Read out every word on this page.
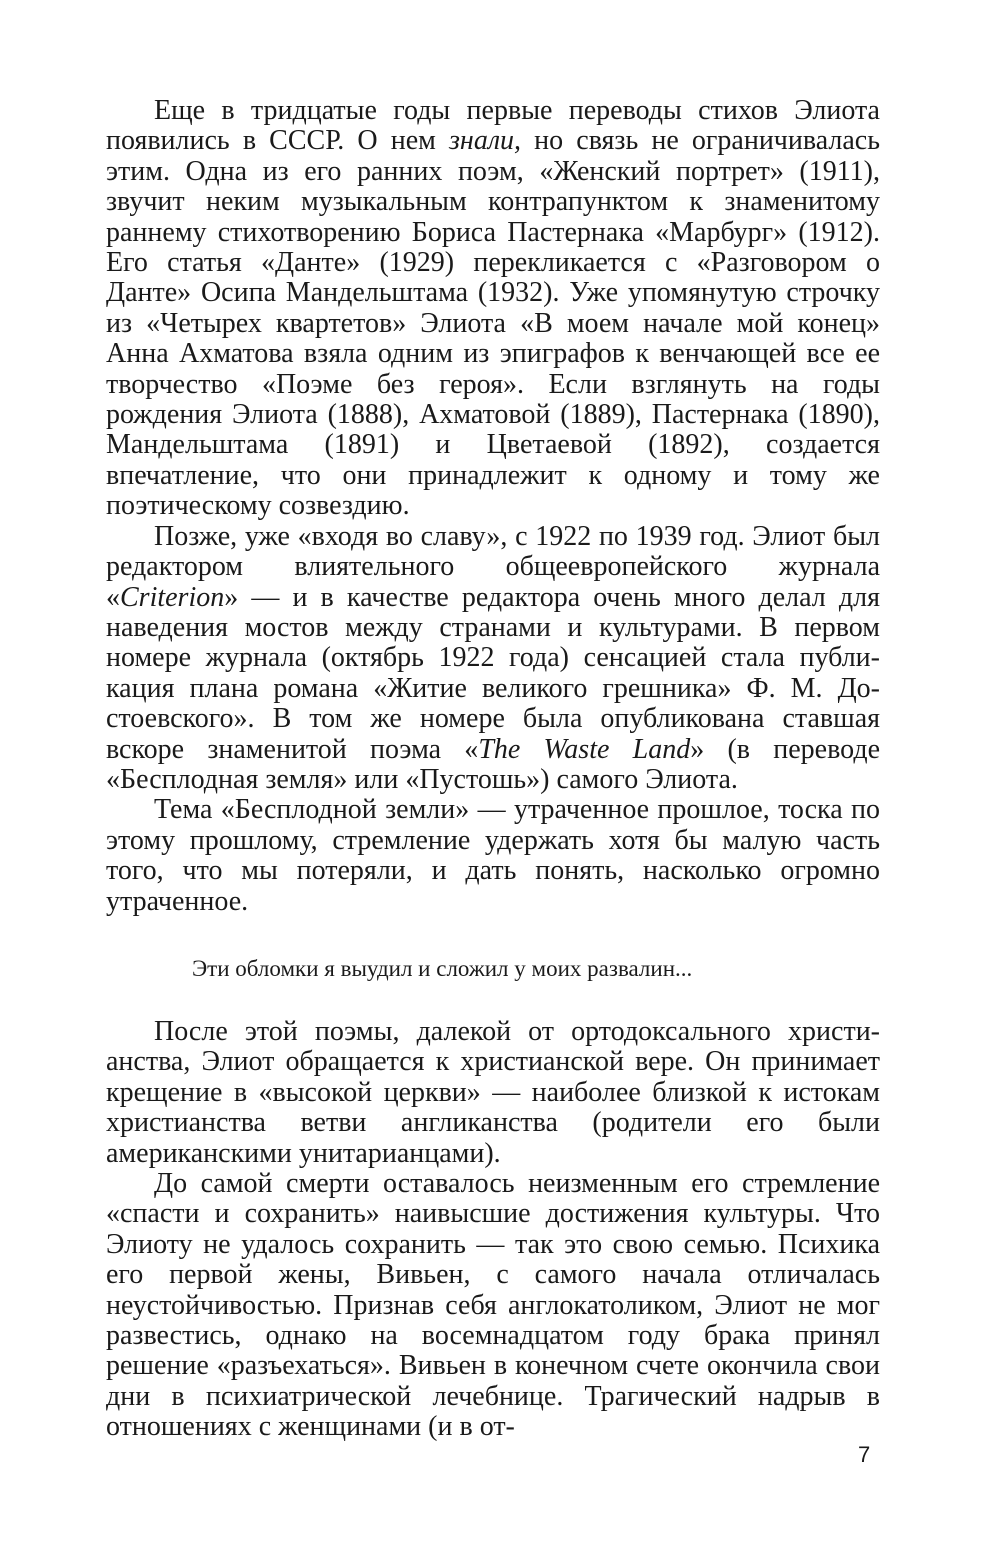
Еще в тридцатые годы первые переводы стихов Элиота появились в СССР. О нем знали, но связь не ограничивалась этим. Одна из его ранних поэм, «Женский портрет» (1911), звучит неким музыкальным контрапунктом к знаменитому раннему стихотворению Бориса Пастернака «Марбург» (1912). Его статья «Данте» (1929) перекликается с «Разговором о Данте» Осипа Мандельштама (1932). Уже упомянутую строчку из «Четырех квартетов» Элиота «В моем начале мой конец» Анна Ахматова взяла одним из эпиграфов к венчающей все ее творчество «Поэме без героя». Если взглянуть на годы рождения Элиота (1888), Ахматовой (1889), Пастернака (1890), Мандельштама (1891) и Цветаевой (1892), создается впечатление, что они принадлежит к одному и тому же поэтическому созвездию.

Позже, уже «входя во славу», с 1922 по 1939 год. Элиот был редактором влиятельного общеевропейского журнала «Criterion» — и в качестве редактора очень много делал для наведения мостов между странами и культурами. В первом номере журнала (октябрь 1922 года) сенсацией стала публикация плана романа «Житие великого грешника» Ф. М. Достоевского». В том же номере была опубликована ставшая вскоре знаменитой поэма «The Waste Land» (в переводе «Бесплодная земля» или «Пустошь») самого Элиота.

Тема «Бесплодной земли» — утраченное прошлое, тоска по этому прошлому, стремление удержать хотя бы малую часть того, что мы потеряли, и дать понять, насколько огромно утраченное.

Эти обломки я выудил и сложил у моих развалин...

После этой поэмы, далекой от ортодоксального христианства, Элиот обращается к христианской вере. Он принимает крещение в «высокой церкви» — наиболее близкой к истокам христианства ветви англиканства (родители его были американскими унитарианцами).

До самой смерти оставалось неизменным его стремление «спасти и сохранить» наивысшие достижения культуры. Что Элиоту не удалось сохранить — так это свою семью. Психика его первой жены, Вивьен, с самого начала отличалась неустойчивостью. Признав себя англокатоликом, Элиот не мог развестись, однако на восемнадцатом году брака принял решение «разъехаться». Вивьен в конечном счете окончила свои дни в психиатрической лечебнице. Трагический надрыв в отношениях с женщинами (и в от-

7
